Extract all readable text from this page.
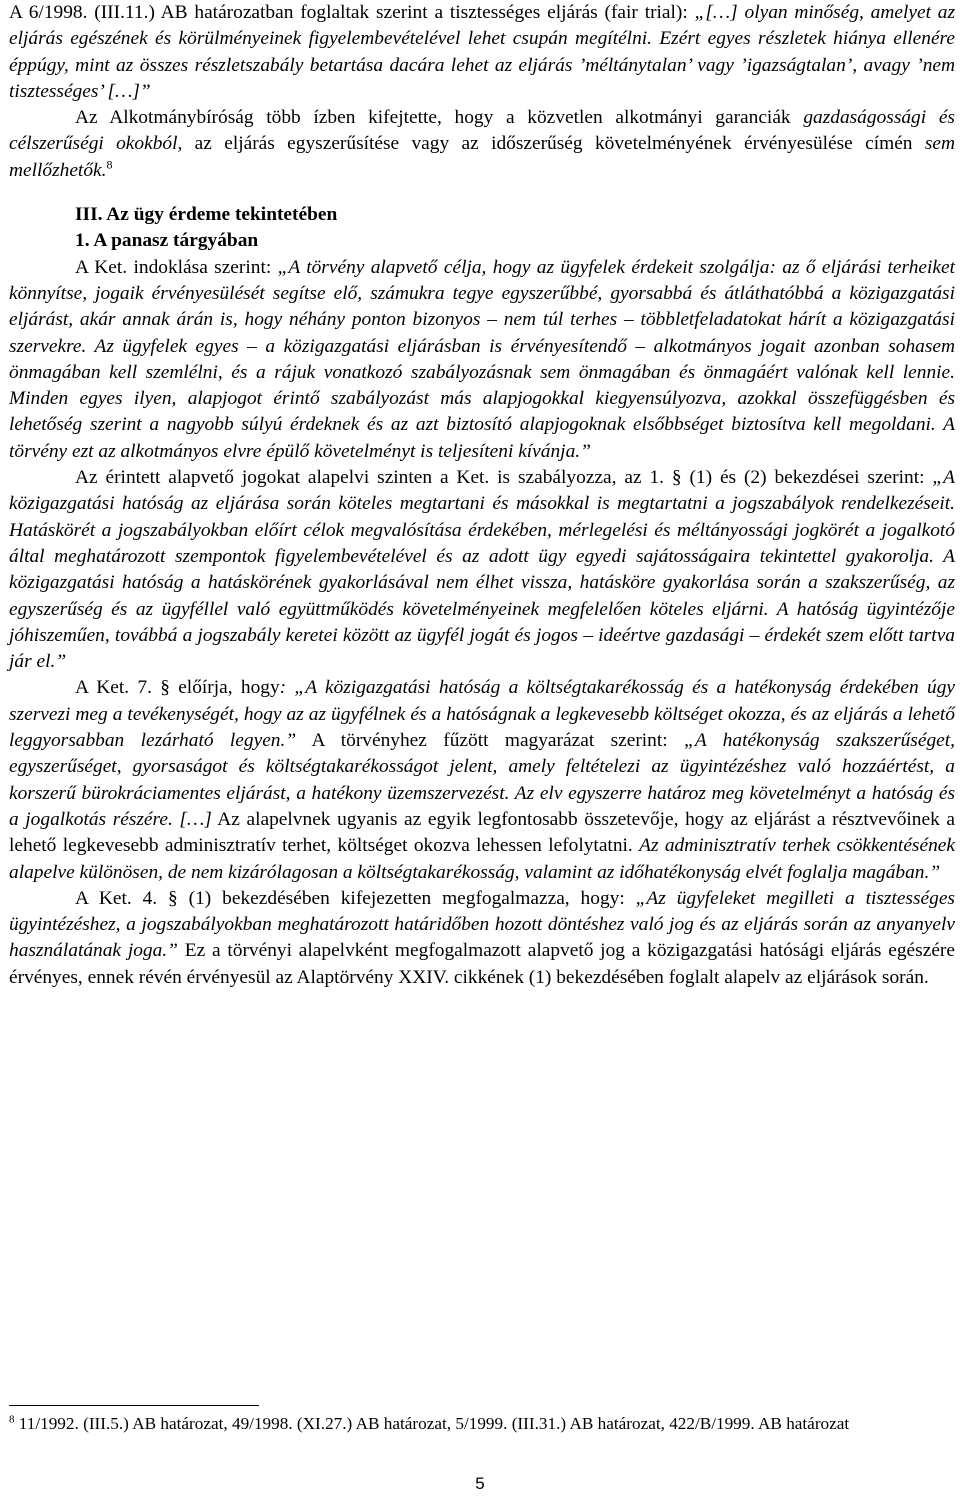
A 6/1998. (III.11.) AB határozatban foglaltak szerint a tisztességes eljárás (fair trial): „[…] olyan minőség, amelyet az eljárás egészének és körülményeinek figyelembevételével lehet csupán megítélni. Ezért egyes részletek hiánya ellenére éppúgy, mint az összes részletszabály betartása dacára lehet az eljárás ’méltánytalan’ vagy ’igazságtalan’, avagy ’nem tisztességes’ […]”

Az Alkotmánybíróság több ízben kifejtette, hogy a közvetlen alkotmányi garanciák gazdaságossági és célszerűségi okokból, az eljárás egyszerűsítése vagy az időszerűség követelményének érvényesülése címén sem mellőzhetők.$^8$

III. Az ügy érdeme tekintetében

1. A panasz tárgyában

A Ket. indoklása szerint: „A törvény alapvető célja, hogy az ügyfelek érdekeit szolgálja: az ő eljárási terheiket könnyítse, jogaik érvényesülését segítse elő, számukra tegye egyszerűbbé, gyorsabbá és átláthatóbbá a közigazgatási eljárást, akár annak árán is, hogy néhány ponton bizonyos – nem túl terhes – többletfeladatokat hárít a közigazgatási szervekre. Az ügyfelek egyes – a közigazgatási eljárásban is érvényesítendő – alkotmányos jogait azonban sohasem önmagában kell szemlélni, és a rájuk vonatkozó szabályozásnak sem önmagában és önmagáért valónak kell lennie. Minden egyes ilyen, alapjogot érintő szabályozást más alapjogokkal kiegyensúlyozva, azokkal összefüggésben és lehetőség szerint a nagyobb súlyú érdeknek és az azt biztosító alapjogoknak elsőbbséget biztosítva kell megoldani. A törvény ezt az alkotmányos elvre épülő követelményt is teljesíteni kívánja.”

Az érintett alapvető jogokat alapelvi szinten a Ket. is szabályozza, az 1. § (1) és (2) bekezdései szerint: „A közigazgatási hatóság az eljárása során köteles megtartani és másokkal is megtartatni a jogszabályok rendelkezéseit. Hatáskörét a jogszabályokban előírt célok megvalósítása érdekében, mérlegelési és méltányossági jogkörét a jogalkotó által meghatározott szempontok figyelembevételével és az adott ügy egyedi sajátosságaira tekintettel gyakorolja. A közigazgatási hatóság a hatáskörének gyakorlásával nem élhet vissza, hatásköre gyakorlása során a szakszerűség, az egyszerűség és az ügyféllel való együttműködés követelményeinek megfelelően köteles eljárni. A hatóság ügyintézője jóhiszeműen, továbbá a jogszabály keretei között az ügyfél jogát és jogos – ideértve gazdasági – érdekét szem előtt tartva jár el.”

A Ket. 7. § előírja, hogy: „A közigazgatási hatóság a költségtakarékosság és a hatékonyság érdekében úgy szervezi meg a tevékenységét, hogy az az ügyfélnek és a hatóságnak a legkevesebb költséget okozza, és az eljárás a lehető leggyorsabban lezárható legyen.” A törvényhez fűzött magyarázat szerint: „A hatékonyság szakszerűséget, egyszerűséget, gyorsaságot és költségtakarékosságot jelent, amely feltételezi az ügyintézéshez való hozzáértést, a korszerű bürokráciamentes eljárást, a hatékony üzemszervezést. Az elv egyszerre határoz meg követelményt a hatóság és a jogalkotás részére. […] Az alapelvnek ugyanis az egyik legfontosabb összetevője, hogy az eljárást a résztvevőinek a lehető legkevesebb adminisztratív terhet, költséget okozva lehessen lefolytatni. Az adminisztratív terhek csökkentésének alapelve különösen, de nem kizárólagosan a költségtakarékosság, valamint az időhatékonyság elvét foglalja magában.”

A Ket. 4. § (1) bekezdésében kifejezetten megfogalmazza, hogy: „Az ügyfeleket megilleti a tisztességes ügyintézéshez, a jogszabályokban meghatározott határidőben hozott döntéshez való jog és az eljárás során az anyanyelv használatának joga.” Ez a törvényi alapelvként megfogalmazott alapvető jog a közigazgatási hatósági eljárás egészére érvényes, ennek révén érvényesül az Alaptörvény XXIV. cikkének (1) bekezdésében foglalt alapelv az eljárások során.

$^8$ 11/1992. (III.5.) AB határozat, 49/1998. (XI.27.) AB határozat, 5/1999. (III.31.) AB határozat, 422/B/1999. AB határozat

5
